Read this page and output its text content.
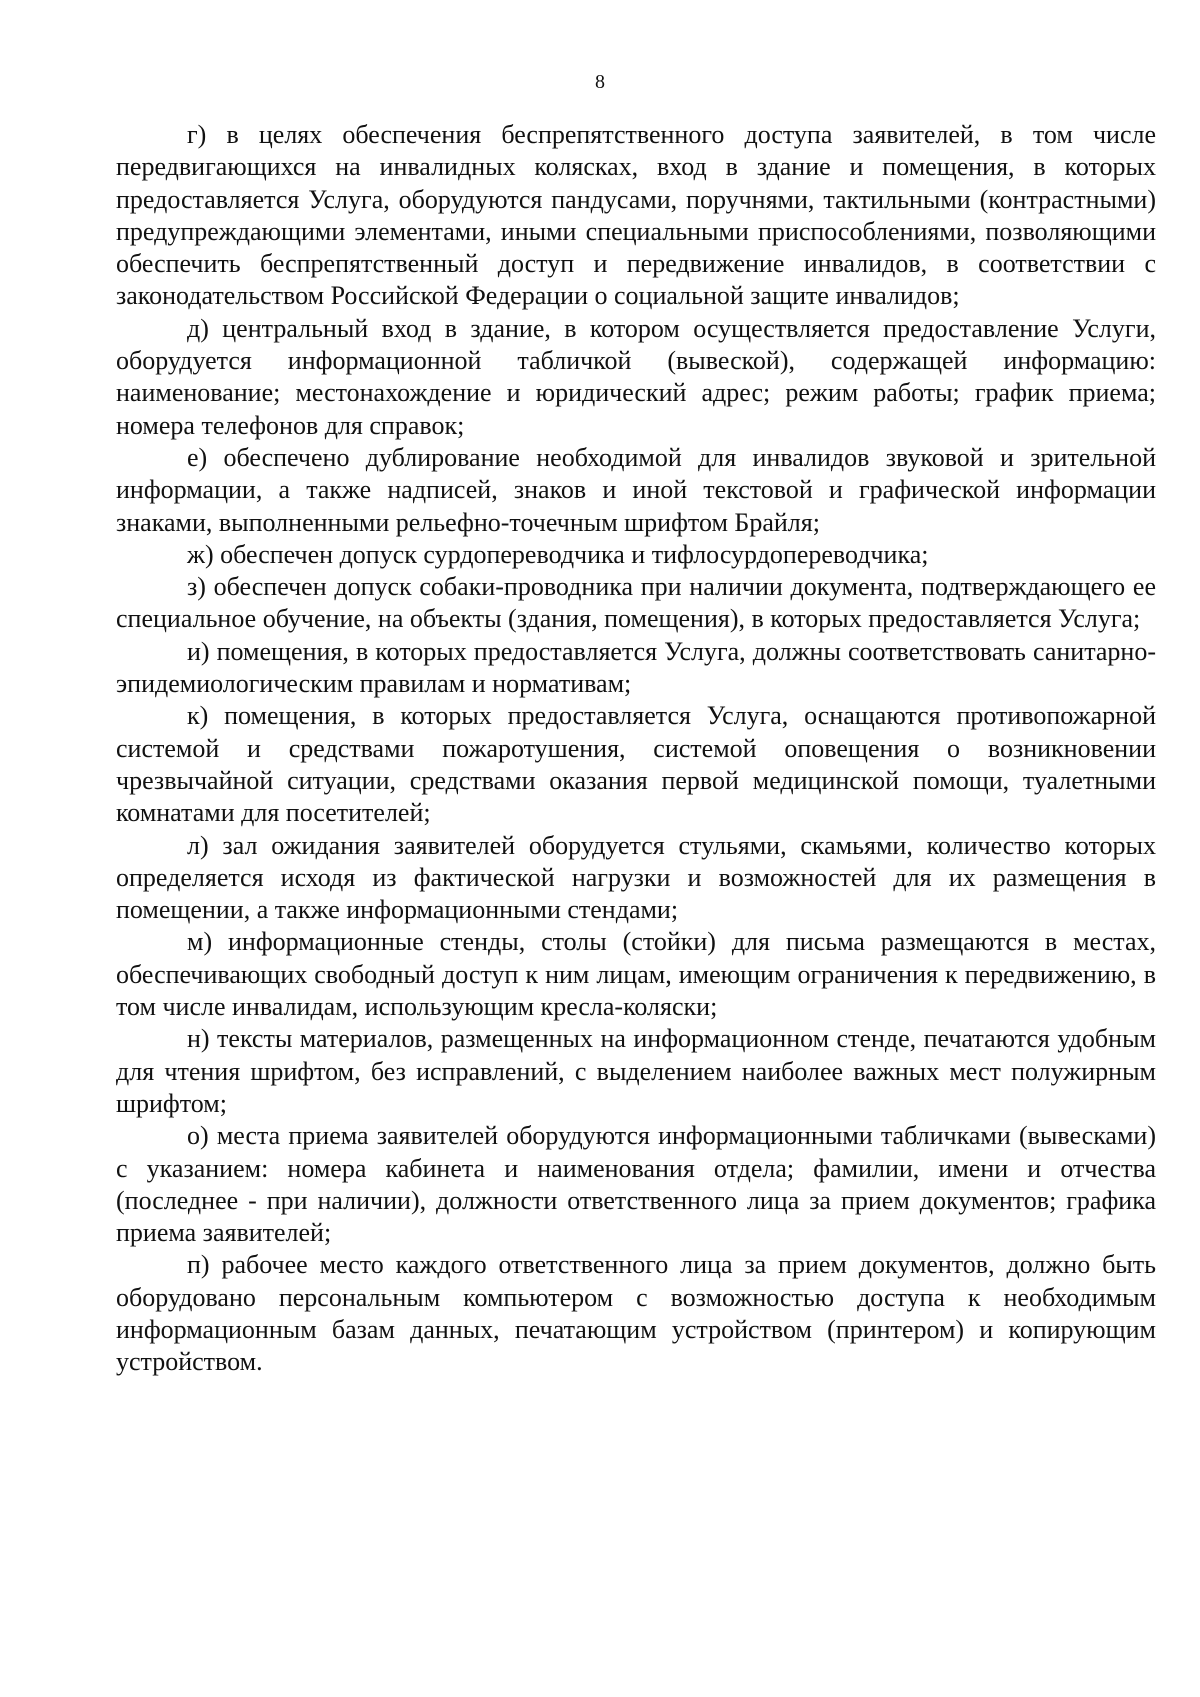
8

г) в целях обеспечения беспрепятственного доступа заявителей, в том числе передвигающихся на инвалидных колясках, вход в здание и помещения, в которых предоставляется Услуга, оборудуются пандусами, поручнями, тактильными (контрастными) предупреждающими элементами, иными специальными приспособлениями, позволяющими обеспечить беспрепятственный доступ и передвижение инвалидов, в соответствии с законодательством Российской Федерации о социальной защите инвалидов;

д) центральный вход в здание, в котором осуществляется предоставление Услуги, оборудуется информационной табличкой (вывеской), содержащей информацию: наименование; местонахождение и юридический адрес; режим работы; график приема; номера телефонов для справок;

е) обеспечено дублирование необходимой для инвалидов звуковой и зрительной информации, а также надписей, знаков и иной текстовой и графической информации знаками, выполненными рельефно-точечным шрифтом Брайля;

ж) обеспечен допуск сурдопереводчика и тифлосурдопереводчика;

з) обеспечен допуск собаки-проводника при наличии документа, подтверждающего ее специальное обучение, на объекты (здания, помещения), в которых предоставляется Услуга;

и) помещения, в которых предоставляется Услуга, должны соответствовать санитарно-эпидемиологическим правилам и нормативам;

к) помещения, в которых предоставляется Услуга, оснащаются противопожарной системой и средствами пожаротушения, системой оповещения о возникновении чрезвычайной ситуации, средствами оказания первой медицинской помощи, туалетными комнатами для посетителей;

л) зал ожидания заявителей оборудуется стульями, скамьями, количество которых определяется исходя из фактической нагрузки и возможностей для их размещения в помещении, а также информационными стендами;

м) информационные стенды, столы (стойки) для письма размещаются в местах, обеспечивающих свободный доступ к ним лицам, имеющим ограничения к передвижению, в том числе инвалидам, использующим кресла-коляски;

н) тексты материалов, размещенных на информационном стенде, печатаются удобным для чтения шрифтом, без исправлений, с выделением наиболее важных мест полужирным шрифтом;

о) места приема заявителей оборудуются информационными табличками (вывесками) с указанием: номера кабинета и наименования отдела; фамилии, имени и отчества (последнее - при наличии), должности ответственного лица за прием документов; графика приема заявителей;

п) рабочее место каждого ответственного лица за прием документов, должно быть оборудовано персональным компьютером с возможностью доступа к необходимым информационным базам данных, печатающим устройством (принтером) и копирующим устройством.
